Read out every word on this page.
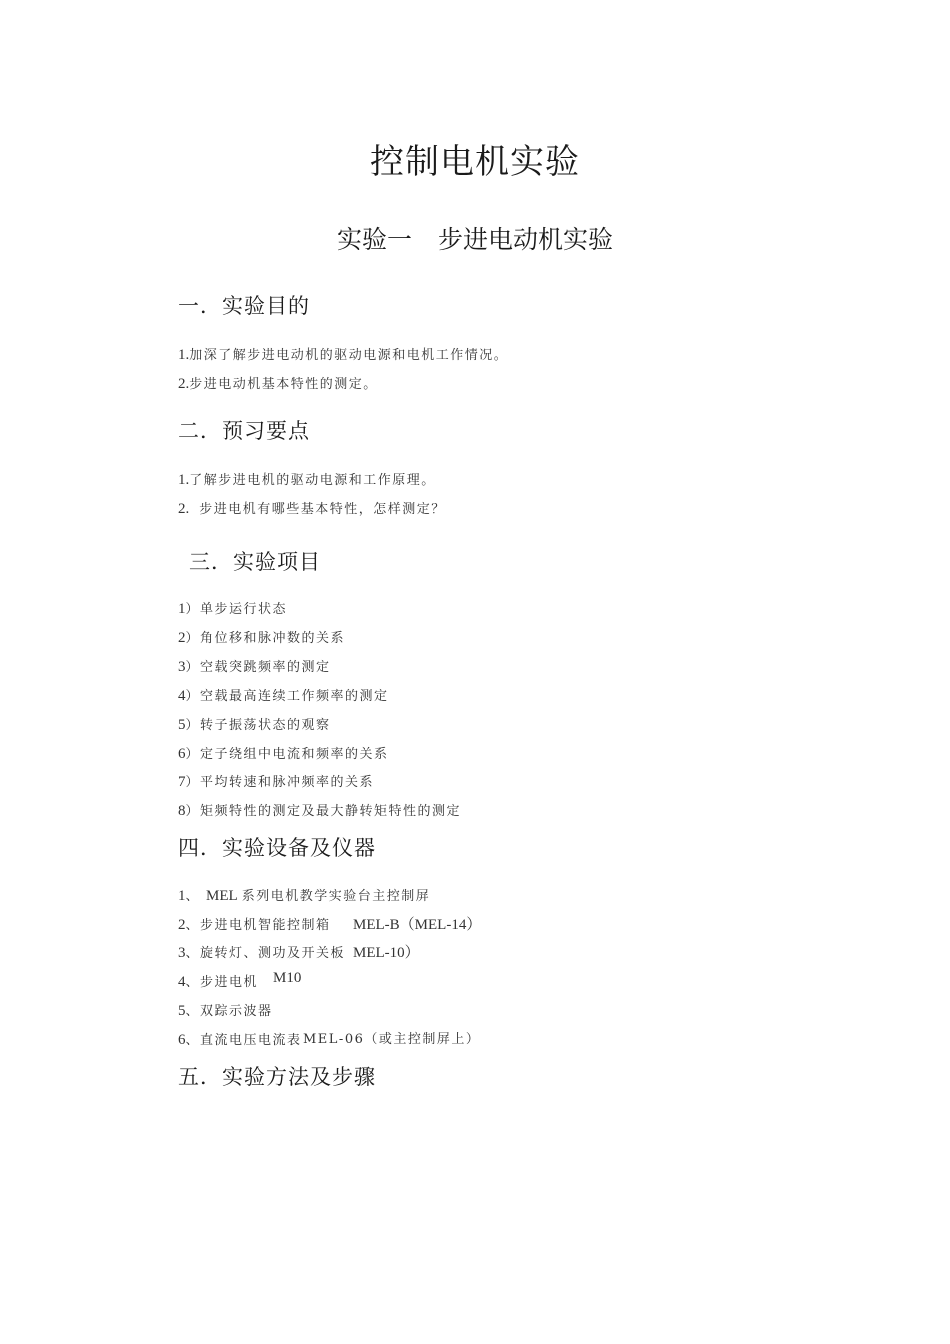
控制电机实验
实验一 步进电动机实验
一．实验目的
1.加深了解步进电动机的驱动电源和电机工作情况。
2.步进电动机基本特性的测定。
二．预习要点
1.了解步进电机的驱动电源和工作原理。
2. 步进电机有哪些基本特性，怎样测定？
三．实验项目
1）单步运行状态
2）角位移和脉冲数的关系
3）空载突跳频率的测定
4）空载最高连续工作频率的测定
5）转子振荡状态的观察
6）定子绕组中电流和频率的关系
7）平均转速和脉冲频率的关系
8）矩频特性的测定及最大静转矩特性的测定
四．实验设备及仪器
1、 MEL 系列电机教学实验台主控制屏
2、步进电机智能控制箱 MEL-B（MEL-14）
3、旋转灯、测功及开关板 MEL-10）
4、步进电机 M10
5、双踪示波器
6、直流电压电流表 MEL-06（或主控制屏上）
五．实验方法及步骤
